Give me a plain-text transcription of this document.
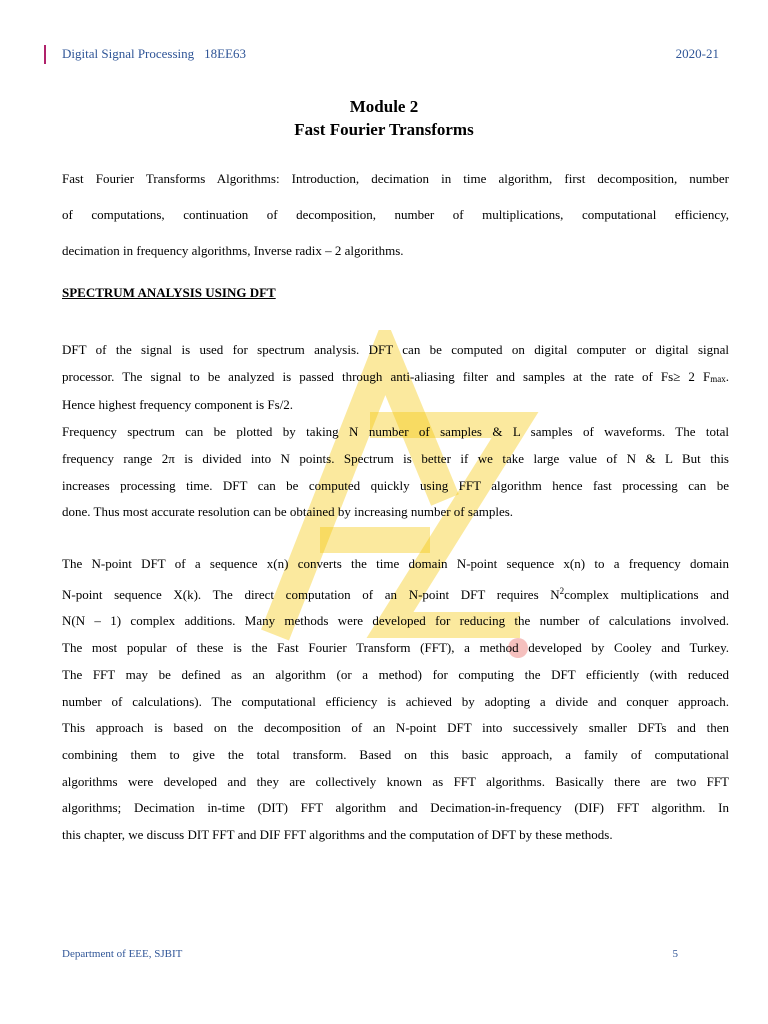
Digital Signal Processing 18EE63	2020-21
Module 2
Fast Fourier Transforms
Fast Fourier Transforms Algorithms: Introduction, decimation in time algorithm, first decomposition, number
of computations, continuation of decomposition, number of multiplications, computational efficiency,
decimation in frequency algorithms, Inverse radix – 2 algorithms.
SPECTRUM ANALYSIS USING DFT
DFT of the signal is used for spectrum analysis. DFT can be computed on digital computer or digital signal
processor. The signal to be analyzed is passed through anti-aliasing filter and samples at the rate of Fs≥ 2 $F_{max}$.
Hence highest frequency component is Fs/2.
Frequency spectrum can be plotted by taking N number of samples & L samples of waveforms. The total
frequency range 2π is divided into N points. Spectrum is better if we take large value of N & L But this
increases processing time. DFT can be computed quickly using FFT algorithm hence fast processing can be
done. Thus most accurate resolution can be obtained by increasing number of samples.
The N-point DFT of a sequence x(n) converts the time domain N-point sequence x(n) to a frequency domain
N-point sequence X(k). The direct computation of an N-point DFT requires $N^2complex$ multiplications and
N(N – 1) complex additions. Many methods were developed for reducing the number of calculations involved.
The most popular of these is the Fast Fourier Transform (FFT), a method developed by Cooley and Turkey.
The FFT may be defined as an algorithm (or a method) for computing the DFT efficiently (with reduced
number of calculations). The computational efficiency is achieved by adopting a divide and conquer approach.
This approach is based on the decomposition of an N-point DFT into successively smaller DFTs and then
combining them to give the total transform. Based on this basic approach, a family of computational
algorithms were developed and they are collectively known as FFT algorithms. Basically there are two FFT
algorithms; Decimation in-time (DIT) FFT algorithm and Decimation-in-frequency (DIF) FFT algorithm. In
this chapter, we discuss DIT FFT and DIF FFT algorithms and the computation of DFT by these methods.
Department of EEE, SJBIT	5
